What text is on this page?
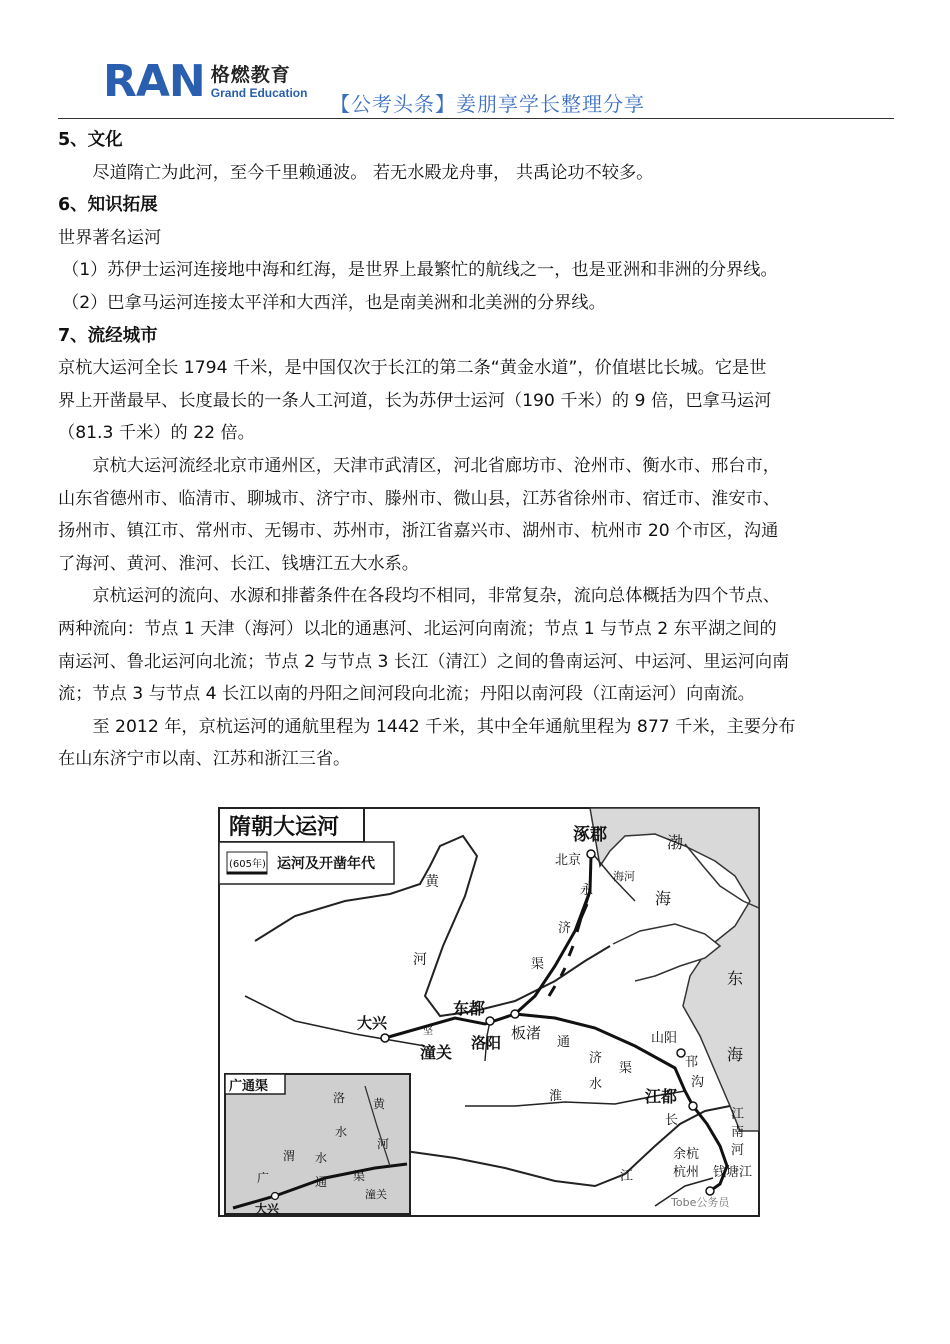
RAN 格燃教育
Grand Education 【公考头条】姜朋享学长整理分享

5、文化

尽道隋亡为此河，至今千里赖通波。 若无水殿龙舟事， 共禹论功不较多。

6、知识拓展

世界著名运河

（1）苏伊士运河连接地中海和红海，是世界上最繁忙的航线之一，也是亚洲和非洲的分界线。

（2）巴拿马运河连接太平洋和大西洋，也是南美洲和北美洲的分界线。

7、流经城市

京杭大运河全长 1794 千米，是中国仅次于长江的第二条“黄金水道”，价值堪比长城。它是世

界上开凿最早、长度最长的一条人工河道，长为苏伊士运河（190 千米）的 9 倍，巴拿马运河

（81.3 千米）的 22 倍。

京杭大运河流经北京市通州区，天津市武清区，河北省廊坊市、沧州市、衡水市、邢台市，

山东省德州市、临清市、聊城市、济宁市、滕州市、微山县，江苏省徐州市、宿迁市、淮安市、

扬州市、镇江市、常州市、无锡市、苏州市，浙江省嘉兴市、湖州市、杭州市 20 个市区，沟通

了海河、黄河、淮河、长江、钱塘江五大水系。

京杭运河的流向、水源和排蓄条件在各段均不相同，非常复杂，流向总体概括为四个节点、

两种流向：节点 1 天津（海河）以北的通惠河、北运河向南流；节点 1 与节点 2 东平湖之间的

南运河、鲁北运河向北流；节点 2 与节点 3 长江（清江）之间的鲁南运河、中运河、里运河向南

流；节点 3 与节点 4 长江以南的丹阳之间河段向北流；丹阳以南河段（江南运河）向南流。

至 2012 年，京杭运河的通航里程为 1442 千米，其中全年通航里程为 877 千米，主要分布

在山东济宁市以南、江苏和浙江三省。

隋朝大运河
(605年) 运河及开凿年代
广通渠
洛 黄
水
河
渭 水
广	通 渠
潼关
大兴
涿郡
北京
海河
渤
海
永
济
渠
黄
河
东都
大兴	坚
潼关 洛阳
板渚
通
济
渠
水
淮
山阳
邗
沟
江都
长
江
江
南
河
余杭
杭州 钱塘江
东
海
Tobe公务员
